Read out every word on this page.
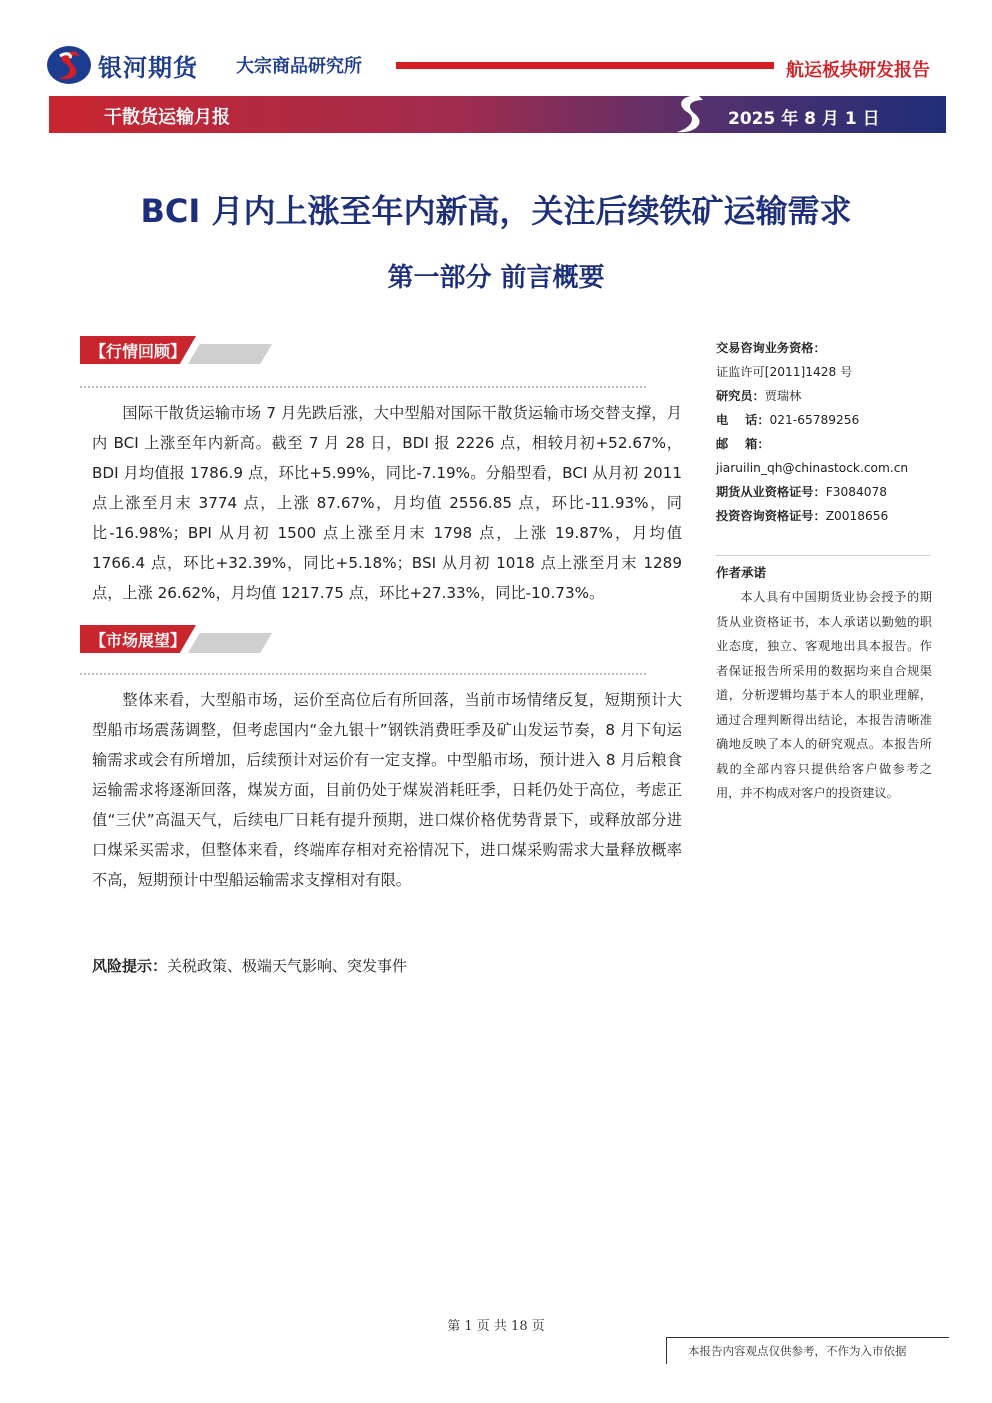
银河期货 大宗商品研究所	航运板块研发报告
干散货运输月报	2025 年 8 月 1 日
BCI 月内上涨至年内新高，关注后续铁矿运输需求
第一部分 前言概要
【行情回顾】
国际干散货运输市场 7 月先跌后涨，大中型船对国际干散货运输市场交替支撑，月内 BCI 上涨至年内新高。截至 7 月 28 日，BDI 报 2226 点，相较月初+52.67%，BDI 月均值报 1786.9 点，环比+5.99%，同比-7.19%。分船型看，BCI 从月初 2011 点上涨至月末 3774 点，上涨 87.67%，月均值 2556.85 点，环比-11.93%，同比-16.98%；BPI 从月初 1500 点上涨至月末 1798 点，上涨 19.87%，月均值 1766.4 点，环比+32.39%，同比+5.18%；BSI 从月初 1018 点上涨至月末 1289 点，上涨 26.62%，月均值 1217.75 点，环比+27.33%，同比-10.73%。
【市场展望】
整体来看，大型船市场，运价至高位后有所回落，当前市场情绪反复，短期预计大型船市场震荡调整，但考虑国内“金九银十”钢铁消费旺季及矿山发运节奏，8 月下旬运输需求或会有所增加，后续预计对运价有一定支撑。中型船市场，预计进入 8 月后粮食运输需求将逐渐回落，煤炭方面，目前仍处于煤炭消耗旺季，日耗仍处于高位，考虑正值“三伏”高温天气，后续电厂日耗有提升预期，进口煤价格优势背景下，或释放部分进口煤采买需求，但整体来看，终端库存相对充裕情况下，进口煤采购需求大量释放概率不高，短期预计中型船运输需求支撑相对有限。
风险提示：关税政策、极端天气影响、突发事件
交易咨询业务资格：
证监许可[2011]1428 号
研究员：贾瑞林
电    话：021-65789256
邮    箱：
jiaruilin_qh@chinastock.com.cn
期货从业资格证号：F3084078
投资咨询资格证号：Z0018656
作者承诺
本人具有中国期货业协会授予的期货从业资格证书，本人承诺以勤勉的职业态度，独立、客观地出具本报告。作者保证报告所采用的数据均来自合规渠道，分析逻辑均基于本人的职业理解，通过合理判断得出结论，本报告清晰准确地反映了本人的研究观点。本报告所载的全部内容只提供给客户做参考之用，并不构成对客户的投资建议。
第 1 页 共 18 页
本报告内容观点仅供参考，不作为入市依据
